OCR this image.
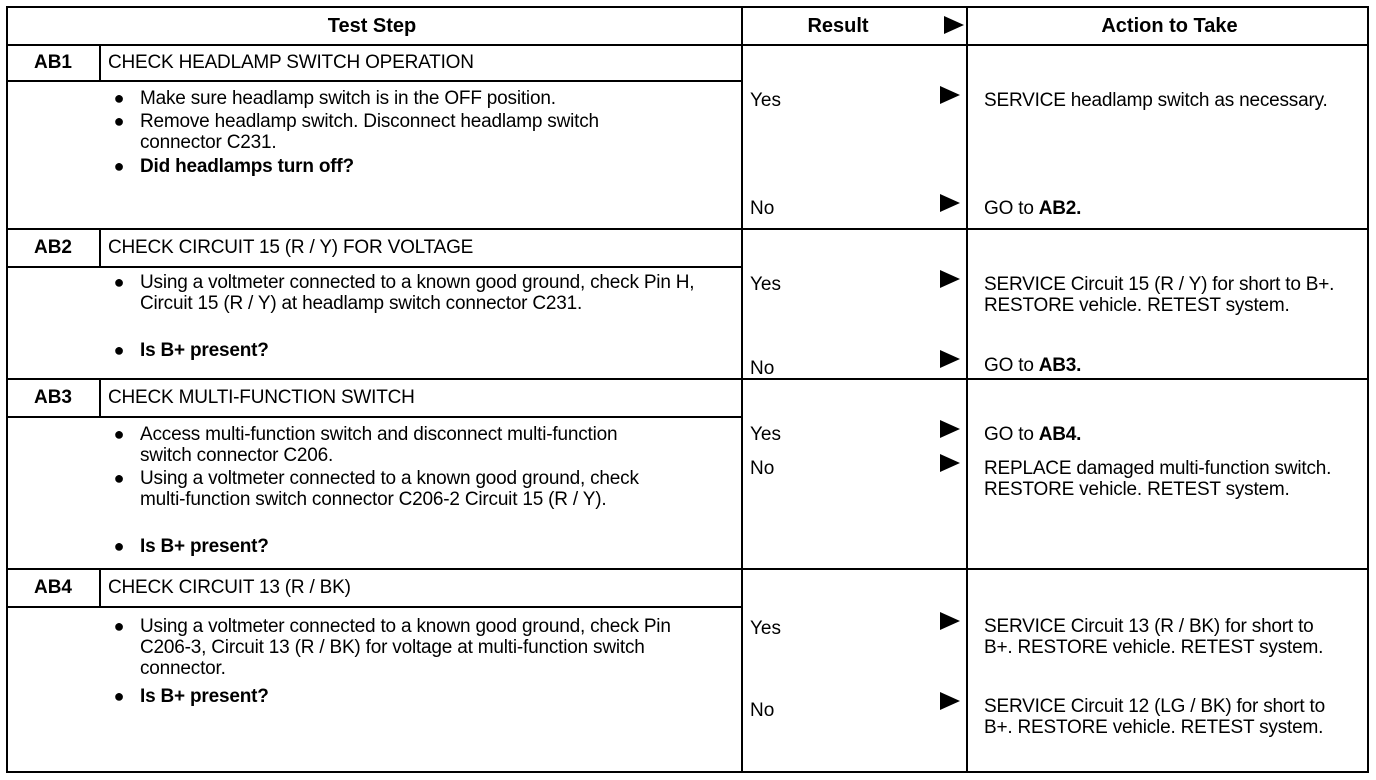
Test Step	Result	Action to Take
AB1	CHECK HEADLAMP SWITCH OPERATION
● Make sure headlamp switch is in the OFF position.
● Remove headlamp switch. Disconnect headlamp switch connector C231.
● Did headlamps turn off?
Yes	SERVICE headlamp switch as necessary.
No	GO to AB2.
AB2	CHECK CIRCUIT 15 (R / Y) FOR VOLTAGE
● Using a voltmeter connected to a known good ground, check Pin H, Circuit 15 (R / Y) at headlamp switch connector C231.
● Is B+ present?
Yes	SERVICE Circuit 15 (R / Y) for short to B+. RESTORE vehicle. RETEST system.
No	GO to AB3.
AB3	CHECK MULTI-FUNCTION SWITCH
● Access multi-function switch and disconnect multi-function switch connector C206.
● Using a voltmeter connected to a known good ground, check multi-function switch connector C206-2 Circuit 15 (R / Y).
● Is B+ present?
Yes	GO to AB4.
No	REPLACE damaged multi-function switch. RESTORE vehicle. RETEST system.
AB4	CHECK CIRCUIT 13 (R / BK)
● Using a voltmeter connected to a known good ground, check Pin C206-3, Circuit 13 (R / BK) for voltage at multi-function switch connector.
● Is B+ present?
Yes	SERVICE Circuit 13 (R / BK) for short to B+. RESTORE vehicle. RETEST system.
No	SERVICE Circuit 12 (LG / BK) for short to B+. RESTORE vehicle. RETEST system.
